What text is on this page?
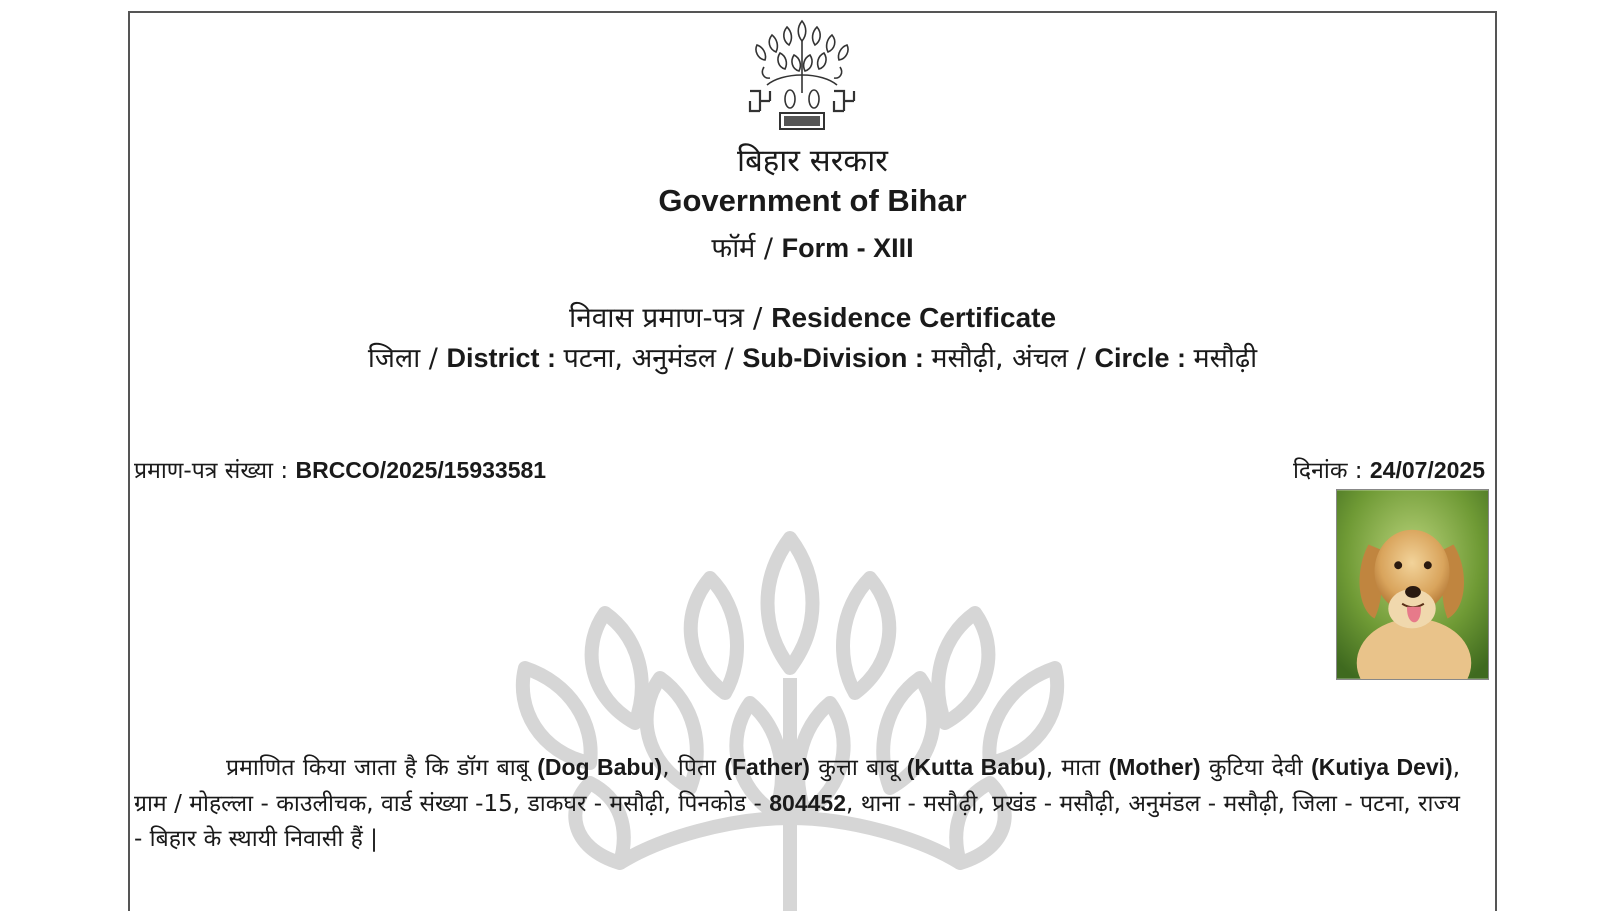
बिहार सरकार
Government of Bihar
फॉर्म / Form - XIII
निवास प्रमाण-पत्र / Residence Certificate
जिला / District : पटना, अनुमंडल / Sub-Division : मसौढ़ी, अंचल / Circle : मसौढ़ी
प्रमाण-पत्र संख्या : BRCCO/2025/15933581	दिनांक : 24/07/2025
प्रमाणित किया जाता है कि डॉग बाबू (Dog Babu), पिता (Father) कुत्ता बाबू (Kutta Babu), माता (Mother) कुटिया देवी (Kutiya Devi), ग्राम / मोहल्ला - काउलीचक, वार्ड संख्या -15, डाकघर - मसौढ़ी, पिनकोड - 804452, थाना - मसौढ़ी, प्रखंड - मसौढ़ी, अनुमंडल - मसौढ़ी, जिला - पटना, राज्य - बिहार के स्थायी निवासी हैं |
